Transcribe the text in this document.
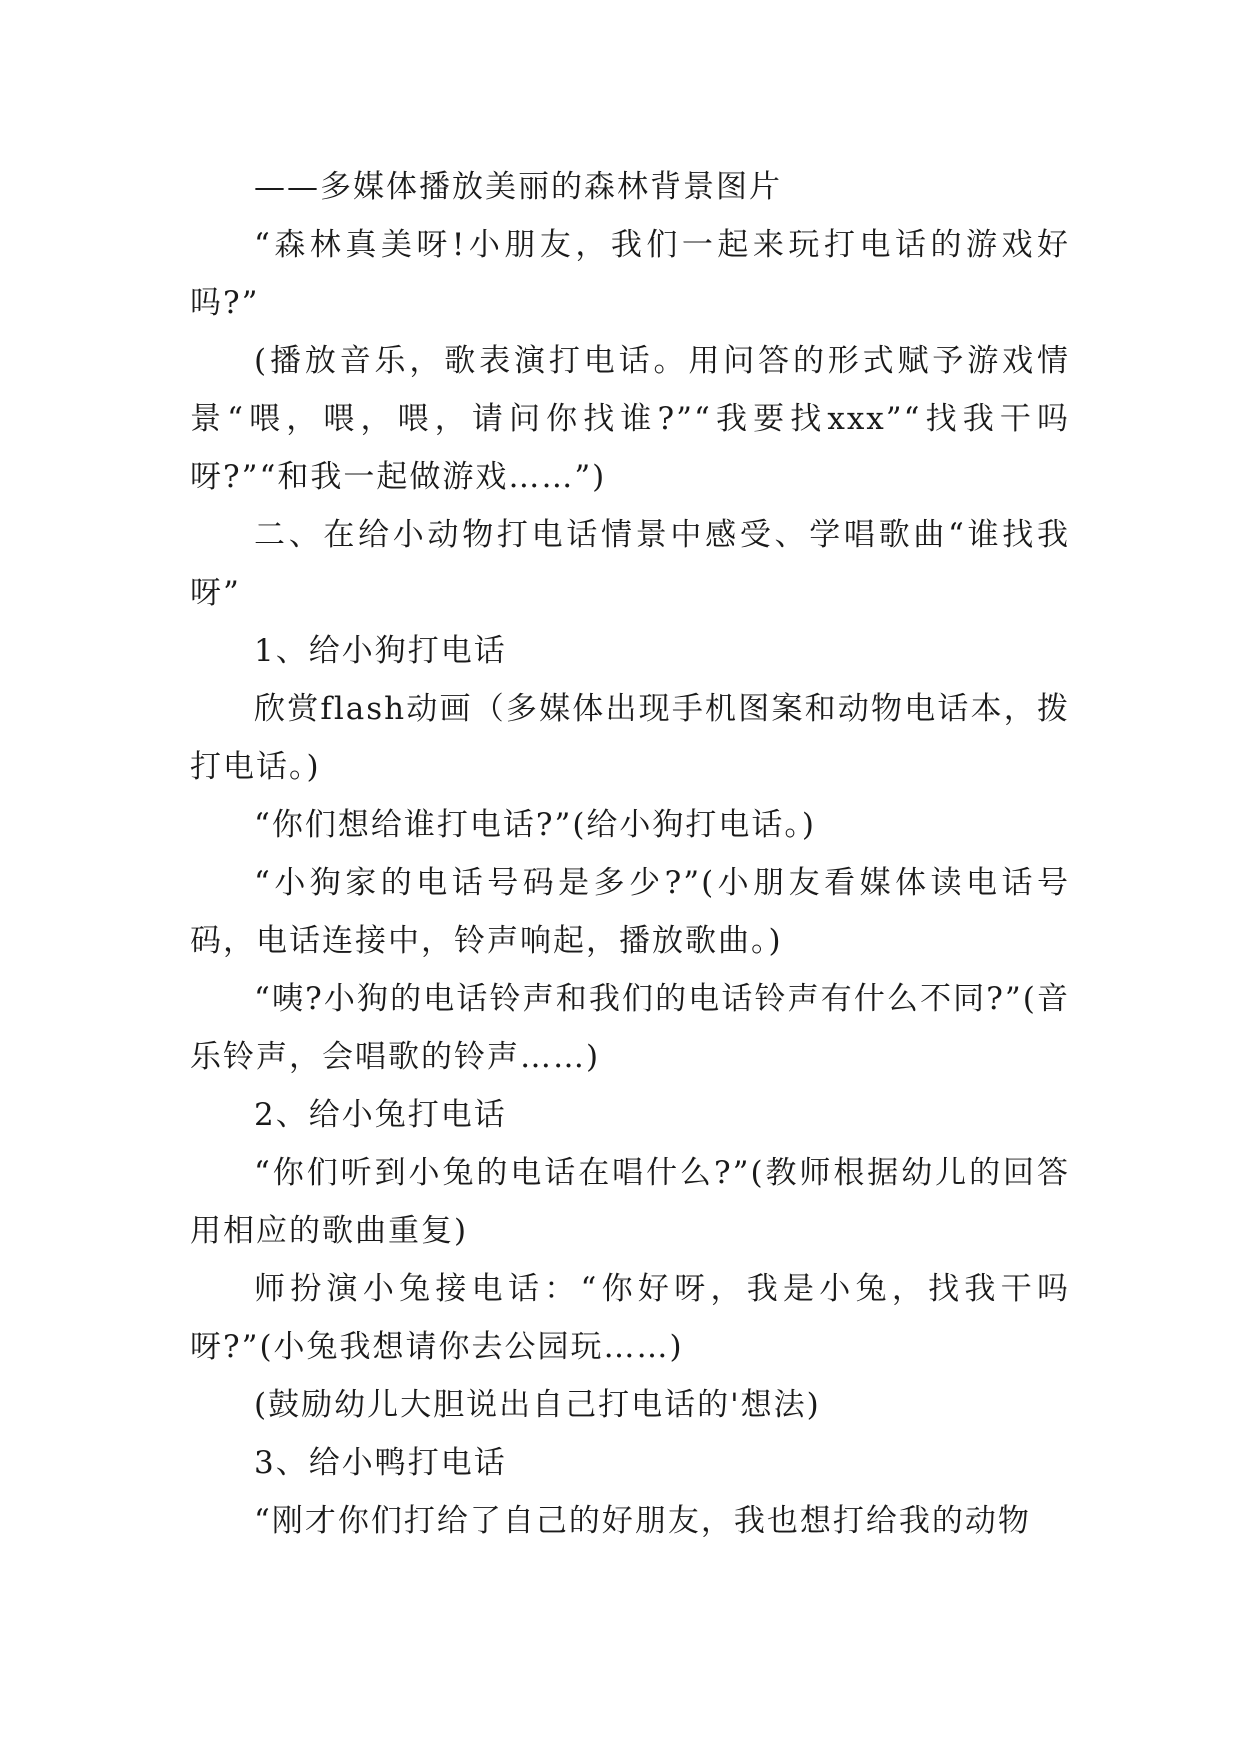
——多媒体播放美丽的森林背景图片

“森林真美呀!小朋友，我们一起来玩打电话的游戏好吗?”

(播放音乐，歌表演打电话。用问答的形式赋予游戏情景“喂，喂，喂，请问你找谁?”“我要找xxx”“找我干吗呀?”“和我一起做游戏……”)

二、在给小动物打电话情景中感受、学唱歌曲“谁找我呀”

1、给小狗打电话

欣赏flash动画（多媒体出现手机图案和动物电话本，拨打电话。)

“你们想给谁打电话?”(给小狗打电话。)

“小狗家的电话号码是多少?”(小朋友看媒体读电话号码，电话连接中，铃声响起，播放歌曲。)

“咦?小狗的电话铃声和我们的电话铃声有什么不同?”(音乐铃声，会唱歌的铃声……)

2、给小兔打电话

“你们听到小兔的电话在唱什么?”(教师根据幼儿的回答用相应的歌曲重复)

师扮演小兔接电话：“你好呀，我是小兔，找我干吗呀?”(小兔我想请你去公园玩……)

(鼓励幼儿大胆说出自己打电话的'想法)

3、给小鸭打电话

“刚才你们打给了自己的好朋友，我也想打给我的动物
